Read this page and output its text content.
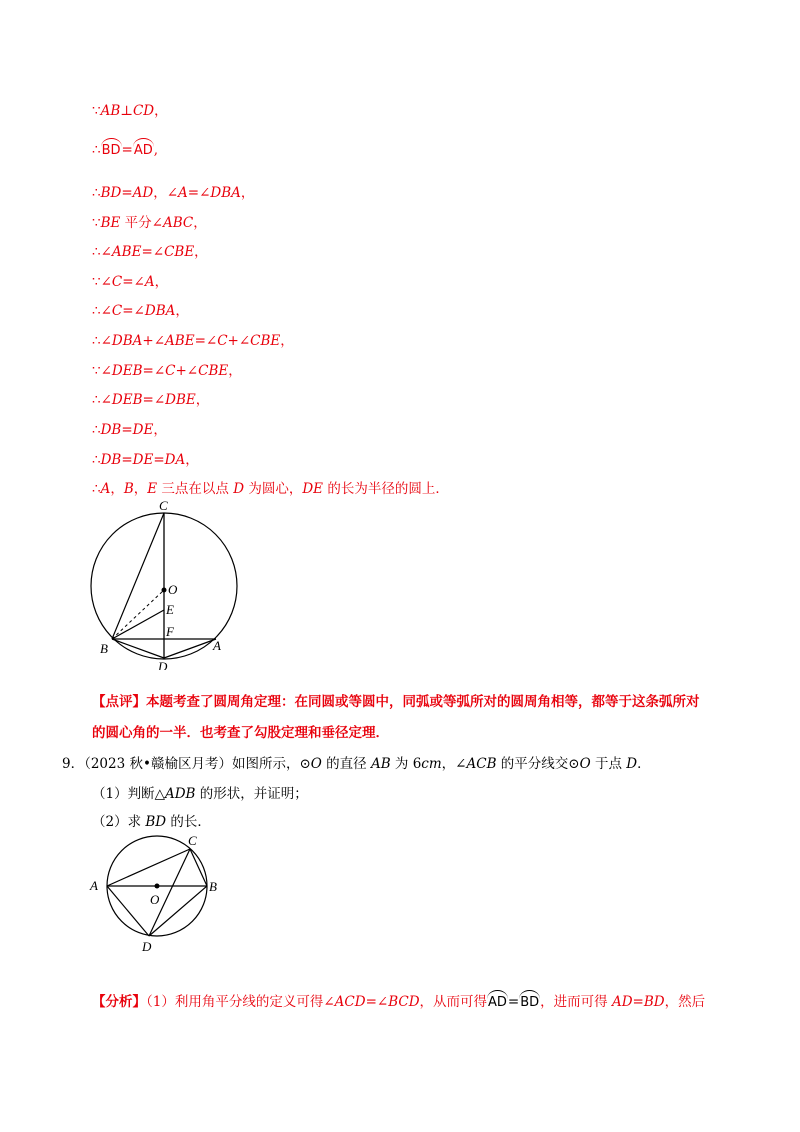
∵AB⊥CD，
∴BD=AD,
∴BD=AD，∠A=∠DBA，
∵BE 平分∠ABC，
∴∠ABE=∠CBE，
∵∠C=∠A，
∴∠C=∠DBA，
∴∠DBA+∠ABE=∠C+∠CBE，
∵∠DEB=∠C+∠CBE，
∴∠DEB=∠DBE，
∴DB=DE，
∴DB=DE=DA，
∴A，B，E 三点在以点 D 为圆心，DE 的长为半径的圆上．
C
O
E
F
B	A
D
【点评】本题考查了圆周角定理：在同圆或等圆中，同弧或等弧所对的圆周角相等，都等于这条弧所对
的圆心角的一半．也考查了勾股定理和垂径定理．
9．（2023 秋•赣榆区月考）如图所示，⊙O 的直径 AB 为 6cm，∠ACB 的平分线交⊙O 于点 D．
（1）判断△ADB 的形状，并证明；
（2）求 BD 的长．
C
A
O
B
D
【分析】（1）利用角平分线的定义可得∠ACD=∠BCD，从而可得AD=BD，进而可得 AD=BD，然后
